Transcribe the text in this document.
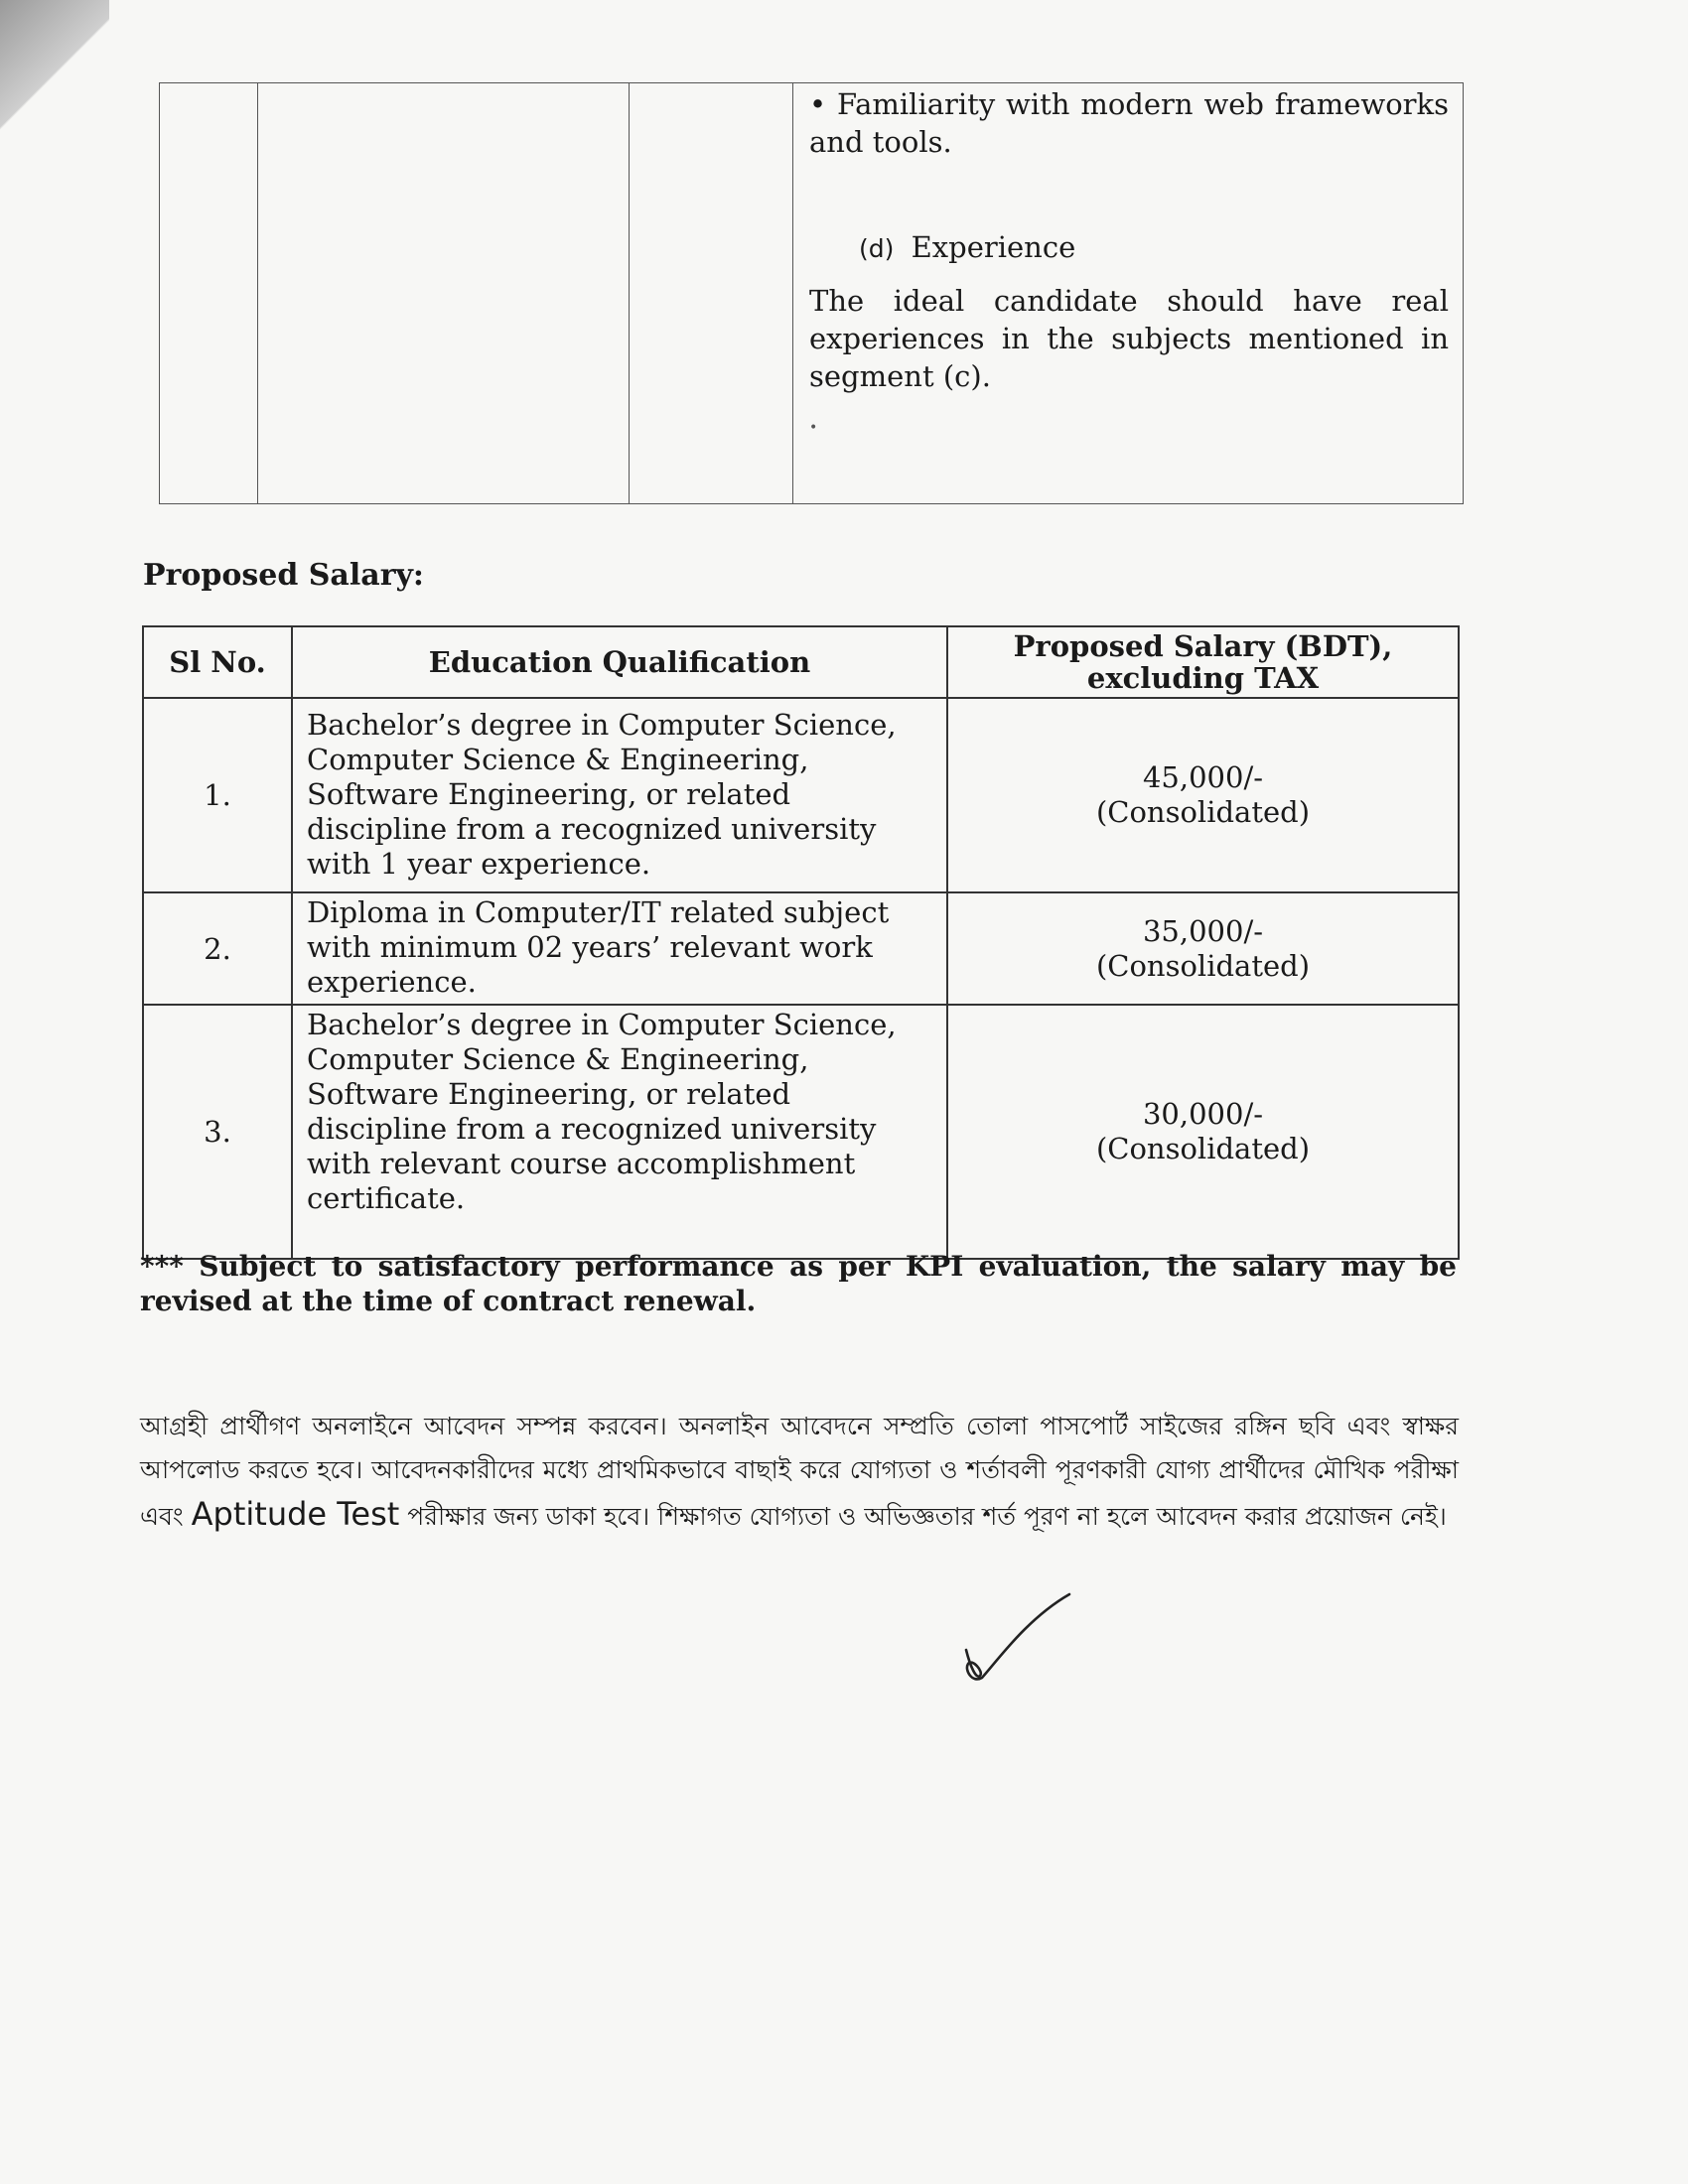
• Familiarity with modern web frameworks and tools.
(d) Experience
The ideal candidate should have real experiences in the subjects mentioned in segment (c).
•
Proposed Salary:
Sl No.	Education Qualification	Proposed Salary (BDT), excluding TAX
1.	Bachelor’s degree in Computer Science, Computer Science & Engineering, Software Engineering, or related discipline from a recognized university with 1 year experience.	45,000/-
(Consolidated)

2.	Diploma in Computer/IT related subject with minimum 02 years’ relevant work experience.	35,000/-
(Consolidated)

3.	Bachelor’s degree in Computer Science, Computer Science & Engineering, Software Engineering, or related discipline from a recognized university with relevant course accomplishment certificate.	30,000/-
(Consolidated)
*** Subject to satisfactory performance as per KPI evaluation, the salary may be revised at the time of contract renewal.
আগ্রহী প্রার্থীগণ অনলাইনে আবেদন সম্পন্ন করবেন। অনলাইন আবেদনে সম্প্রতি তোলা পাসপোর্ট সাইজের রঙ্গিন ছবি এবং স্বাক্ষর আপলোড করতে হবে। আবেদনকারীদের মধ্যে প্রাথমিকভাবে বাছাই করে যোগ্যতা ও শর্তাবলী পূরণকারী যোগ্য প্রার্থীদের মৌখিক পরীক্ষা এবং Aptitude Test পরীক্ষার জন্য ডাকা হবে। শিক্ষাগত যোগ্যতা ও অভিজ্ঞতার শর্ত পূরণ না হলে আবেদন করার প্রয়োজন নেই।
